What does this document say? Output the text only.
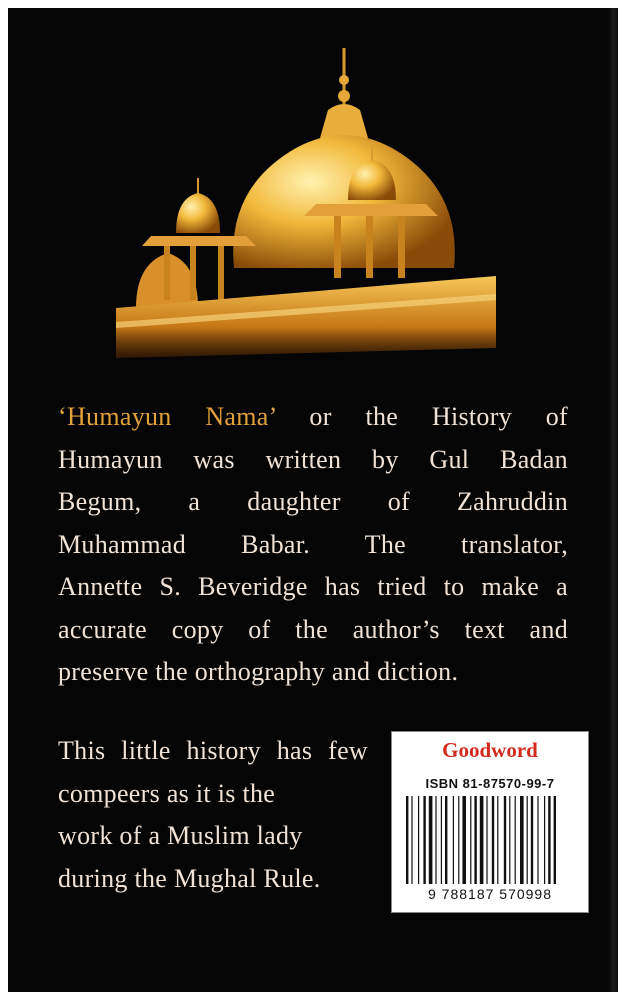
‘Humayun Nama’ or the History of
Humayun was written by Gul Badan
Begum, a daughter of Zahruddin
Muhammad Babar. The translator,
Annette S. Beveridge has tried to make a
accurate copy of the author’s text and
preserve the orthography and diction.

This little history has few
compeers as it is the
work of a Muslim lady
during the Mughal Rule.

Goodword
ISBN 81-87570-99-7
9 788187 570998
